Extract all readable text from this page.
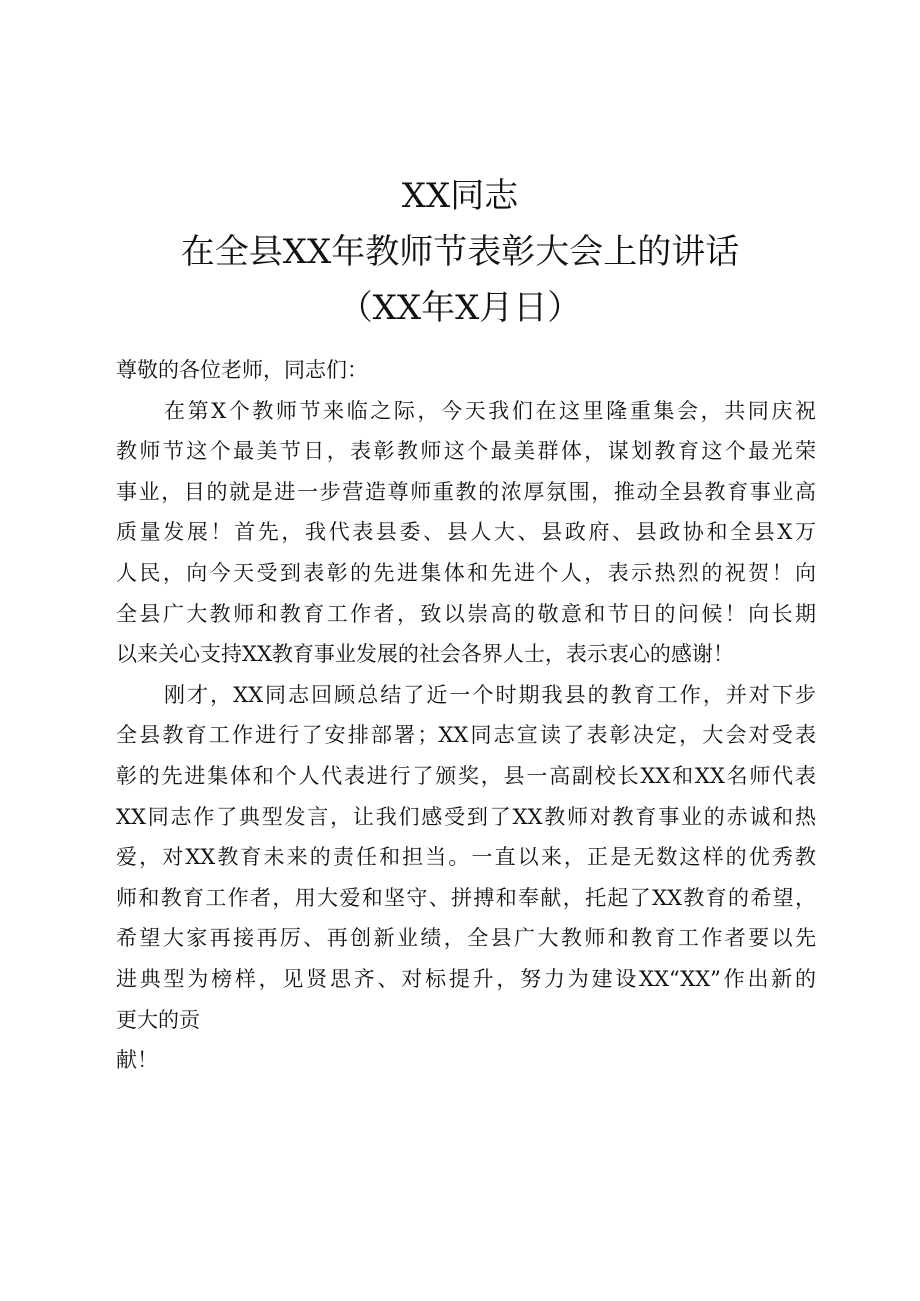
XX同志
在全县XX年教师节表彰大会上的讲话
（XX年X月日）
尊敬的各位老师，同志们：
在第X个教师节来临之际，今天我们在这里隆重集会，共同庆祝
教师节这个最美节日，表彰教师这个最美群体，谋划教育这个最光荣
事业，目的就是进一步营造尊师重教的浓厚氛围，推动全县教育事业高
质量发展！首先，我代表县委、县人大、县政府、县政协和全县X万
人民，向今天受到表彰的先进集体和先进个人，表示热烈的祝贺！向
全县广大教师和教育工作者，致以崇高的敬意和节日的问候！向长期
以来关心支持XX教育事业发展的社会各界人士，表示衷心的感谢！
刚才，XX同志回顾总结了近一个时期我县的教育工作，并对下步
全县教育工作进行了安排部署；XX同志宣读了表彰决定，大会对受表
彰的先进集体和个人代表进行了颁奖，县一高副校长XX和XX名师代表
XX同志作了典型发言，让我们感受到了XX教师对教育事业的赤诚和热
爱，对XX教育未来的责任和担当。一直以来，正是无数这样的优秀教
师和教育工作者，用大爱和坚守、拼搏和奉献，托起了XX教育的希望，
希望大家再接再厉、再创新业绩，全县广大教师和教育工作者要以先
进典型为榜样，见贤思齐、对标提升，努力为建设XX“XX”作出新的
更大的贡
献！
